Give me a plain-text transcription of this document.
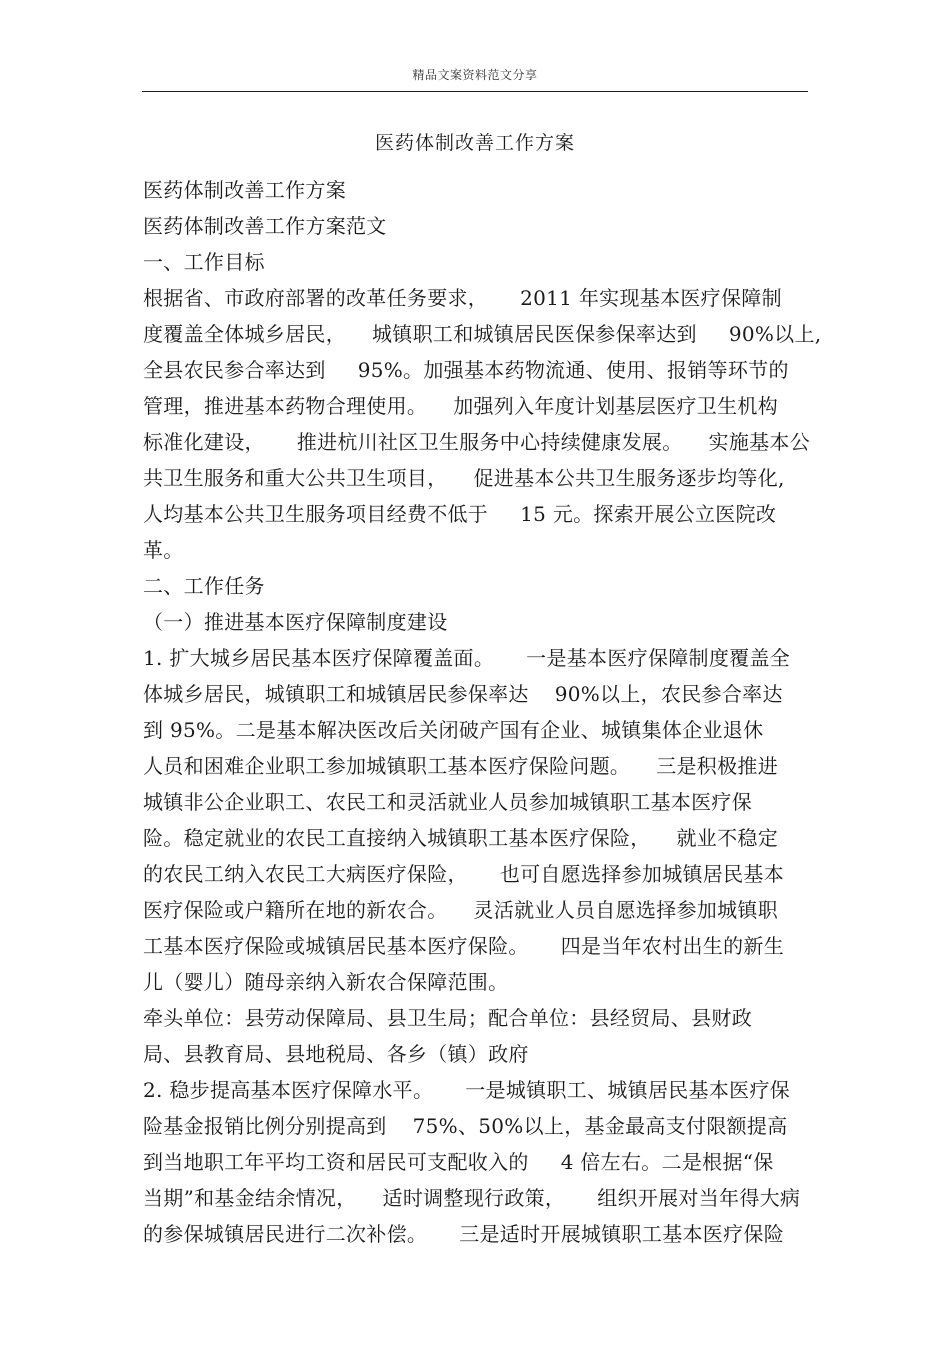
精品文案资料范文分享
医药体制改善工作方案
医药体制改善工作方案
医药体制改善工作方案范文
一、工作目标
根据省、市政府部署的改革任务要求， 2011 年实现基本医疗保障制
度覆盖全体城乡居民， 城镇职工和城镇居民医保参保率达到 90%以上,
全县农民参合率达到 95%。加强基本药物流通、使用、报销等环节的
管理，推进基本药物合理使用。 加强列入年度计划基层医疗卫生机构
标准化建设， 推进杭川社区卫生服务中心持续健康发展。 实施基本公
共卫生服务和重大公共卫生项目， 促进基本公共卫生服务逐步均等化,
人均基本公共卫生服务项目经费不低于 15 元。探索开展公立医院改
革。
二、工作任务
（一）推进基本医疗保障制度建设
1. 扩大城乡居民基本医疗保障覆盖面。 一是基本医疗保障制度覆盖全
体城乡居民，城镇职工和城镇居民参保率达 90%以上，农民参合率达
到 95%。二是基本解决医改后关闭破产国有企业、城镇集体企业退休
人员和困难企业职工参加城镇职工基本医疗保险问题。 三是积极推进
城镇非公企业职工、农民工和灵活就业人员参加城镇职工基本医疗保
险。稳定就业的农民工直接纳入城镇职工基本医疗保险， 就业不稳定
的农民工纳入农民工大病医疗保险， 也可自愿选择参加城镇居民基本
医疗保险或户籍所在地的新农合。 灵活就业人员自愿选择参加城镇职
工基本医疗保险或城镇居民基本医疗保险。 四是当年农村出生的新生
儿（婴儿）随母亲纳入新农合保障范围。
牵头单位：县劳动保障局、县卫生局；配合单位：县经贸局、县财政
局、县教育局、县地税局、各乡（镇）政府
2. 稳步提高基本医疗保障水平。 一是城镇职工、城镇居民基本医疗保
险基金报销比例分别提高到 75%、50%以上，基金最高支付限额提高
到当地职工年平均工资和居民可支配收入的 4 倍左右。二是根据“保
当期”和基金结余情况， 适时调整现行政策， 组织开展对当年得大病
的参保城镇居民进行二次补偿。 三是适时开展城镇职工基本医疗保险
